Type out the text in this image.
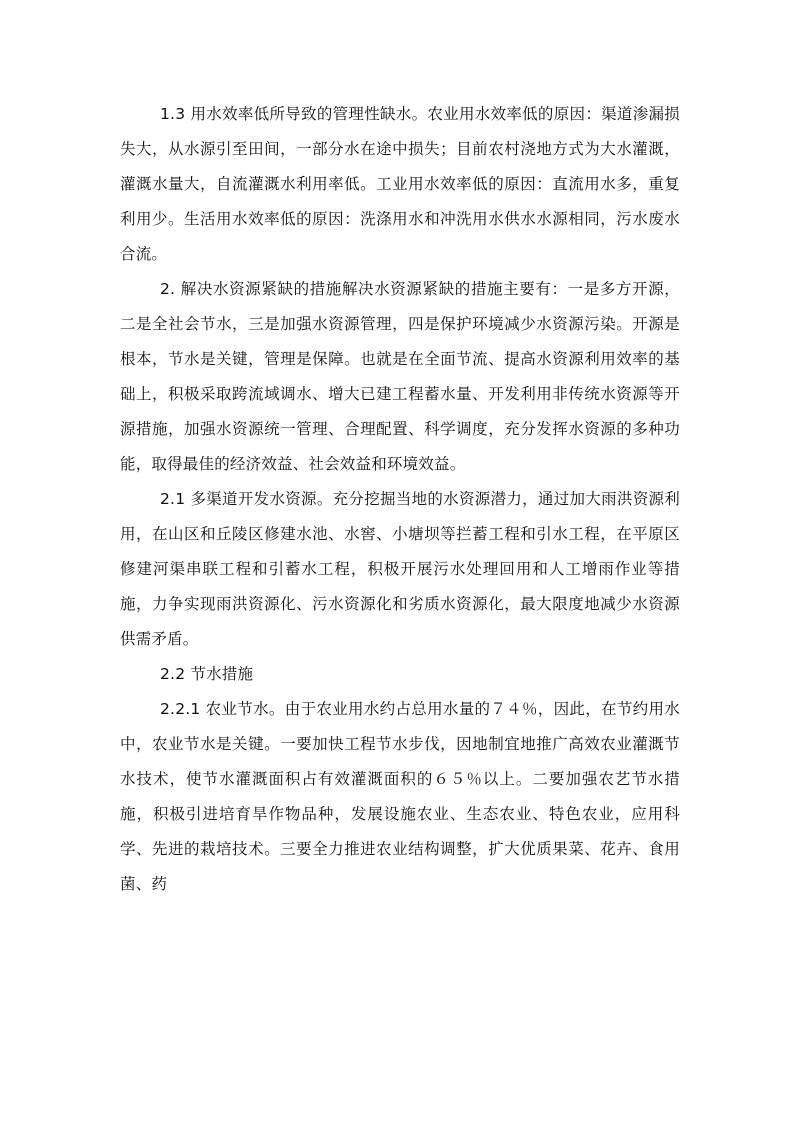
1.3 用水效率低所导致的管理性缺水。农业用水效率低的原因：渠道渗漏损失大，从水源引至田间，一部分水在途中损失；目前农村浇地方式为大水灌溉，灌溉水量大，自流灌溉水利用率低。工业用水效率低的原因：直流用水多，重复利用少。生活用水效率低的原因：洗涤用水和冲洗用水供水水源相同，污水废水合流。

2. 解决水资源紧缺的措施解决水资源紧缺的措施主要有：一是多方开源，二是全社会节水，三是加强水资源管理，四是保护环境减少水资源污染。开源是根本，节水是关键，管理是保障。也就是在全面节流、提高水资源利用效率的基础上，积极采取跨流域调水、增大已建工程蓄水量、开发利用非传统水资源等开源措施，加强水资源统一管理、合理配置、科学调度，充分发挥水资源的多种功能，取得最佳的经济效益、社会效益和环境效益。

2.1 多渠道开发水资源。充分挖掘当地的水资源潜力，通过加大雨洪资源利用，在山区和丘陵区修建水池、水窖、小塘坝等拦蓄工程和引水工程，在平原区修建河渠串联工程和引蓄水工程，积极开展污水处理回用和人工增雨作业等措施，力争实现雨洪资源化、污水资源化和劣质水资源化，最大限度地减少水资源供需矛盾。

2.2 节水措施

2.2.1 农业节水。由于农业用水约占总用水量的７４％，因此，在节约用水中，农业节水是关键。一要加快工程节水步伐，因地制宜地推广高效农业灌溉节水技术，使节水灌溉面积占有效灌溉面积的６５％以上。二要加强农艺节水措施，积极引进培育旱作物品种，发展设施农业、生态农业、特色农业，应用科学、先进的栽培技术。三要全力推进农业结构调整，扩大优质果菜、花卉、食用菌、药
